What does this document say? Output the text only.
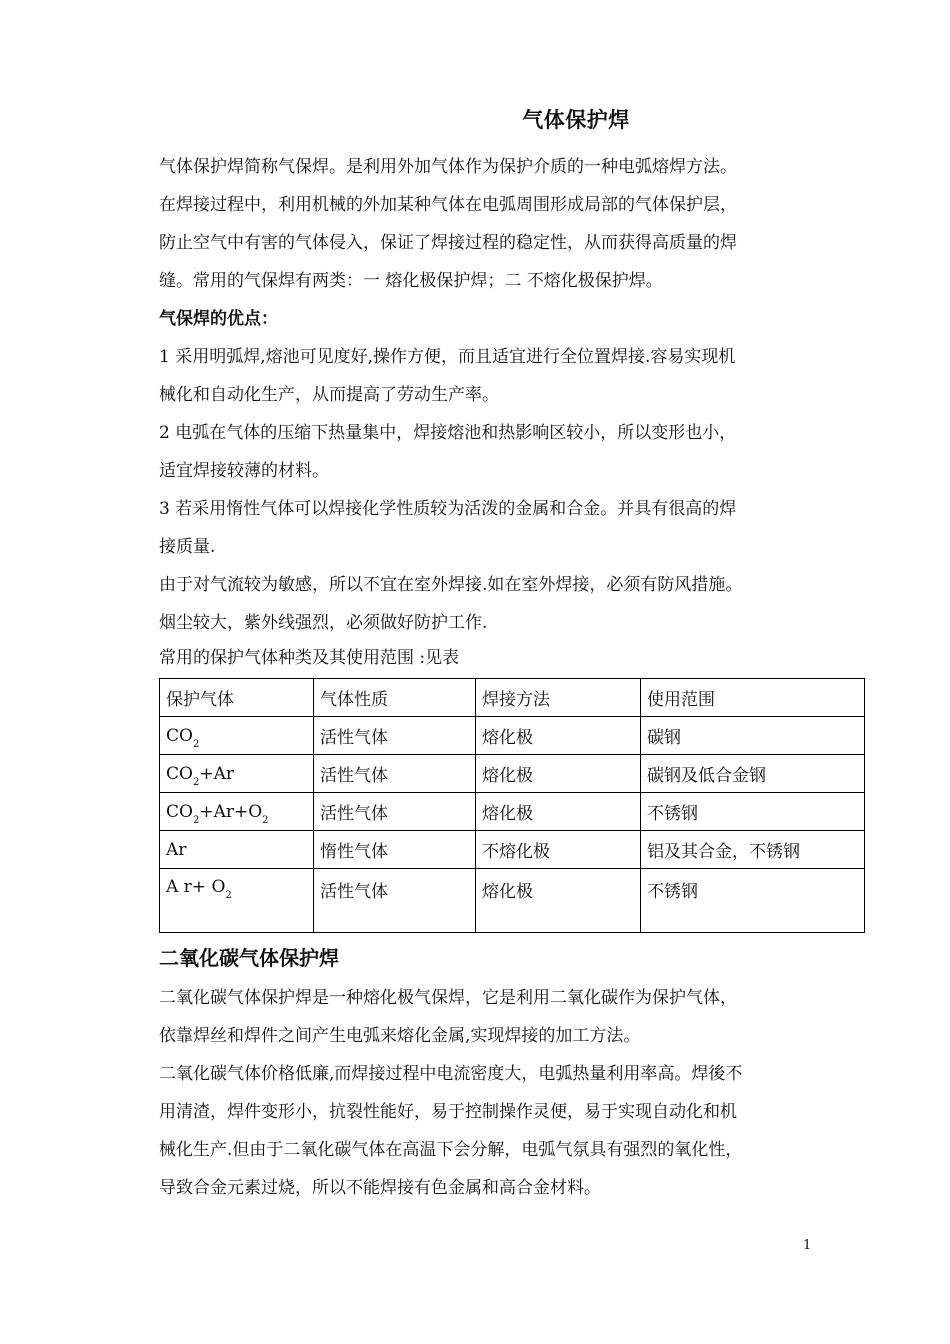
气体保护焊

气体保护焊简称气保焊。是利用外加气体作为保护介质的一种电弧熔焊方法。

在焊接过程中，利用机械的外加某种气体在电弧周围形成局部的气体保护层，

防止空气中有害的气体侵入，保证了焊接过程的稳定性，从而获得高质量的焊

缝。常用的气保焊有两类：一 熔化极保护焊；二 不熔化极保护焊。

气保焊的优点：

1 采用明弧焊,熔池可见度好,操作方便，而且适宜进行全位置焊接.容易实现机

械化和自动化生产，从而提高了劳动生产率。

2 电弧在气体的压缩下热量集中，焊接熔池和热影响区较小，所以变形也小，

适宜焊接较薄的材料。

3 若采用惰性气体可以焊接化学性质较为活泼的金属和合金。并具有很高的焊

接质量.

由于对气流较为敏感，所以不宜在室外焊接.如在室外焊接，必须有防风措施。

烟尘较大，紫外线强烈，必须做好防护工作.

常用的保护气体种类及其使用范围 :见表

保护气体	气体性质	焊接方法	使用范围
$CO_2$	活性气体	熔化极	碳钢
$CO_2+Ar$	活性气体	熔化极	碳钢及低合金钢
$CO_2+Ar+O_2$	活性气体	熔化极	不锈钢
Ar	惰性气体	不熔化极	铝及其合金，不锈钢
A $r+ O_2$	活性气体	熔化极	不锈钢

二氧化碳气体保护焊

二氧化碳气体保护焊是一种熔化极气保焊，它是利用二氧化碳作为保护气体，

依靠焊丝和焊件之间产生电弧来熔化金属,实现焊接的加工方法。

二氧化碳气体价格低廉,而焊接过程中电流密度大，电弧热量利用率高。焊後不

用清渣，焊件变形小，抗裂性能好，易于控制操作灵便，易于实现自动化和机

械化生产.但由于二氧化碳气体在高温下会分解，电弧气氛具有强烈的氧化性，

导致合金元素过烧，所以不能焊接有色金属和高合金材料。

1
